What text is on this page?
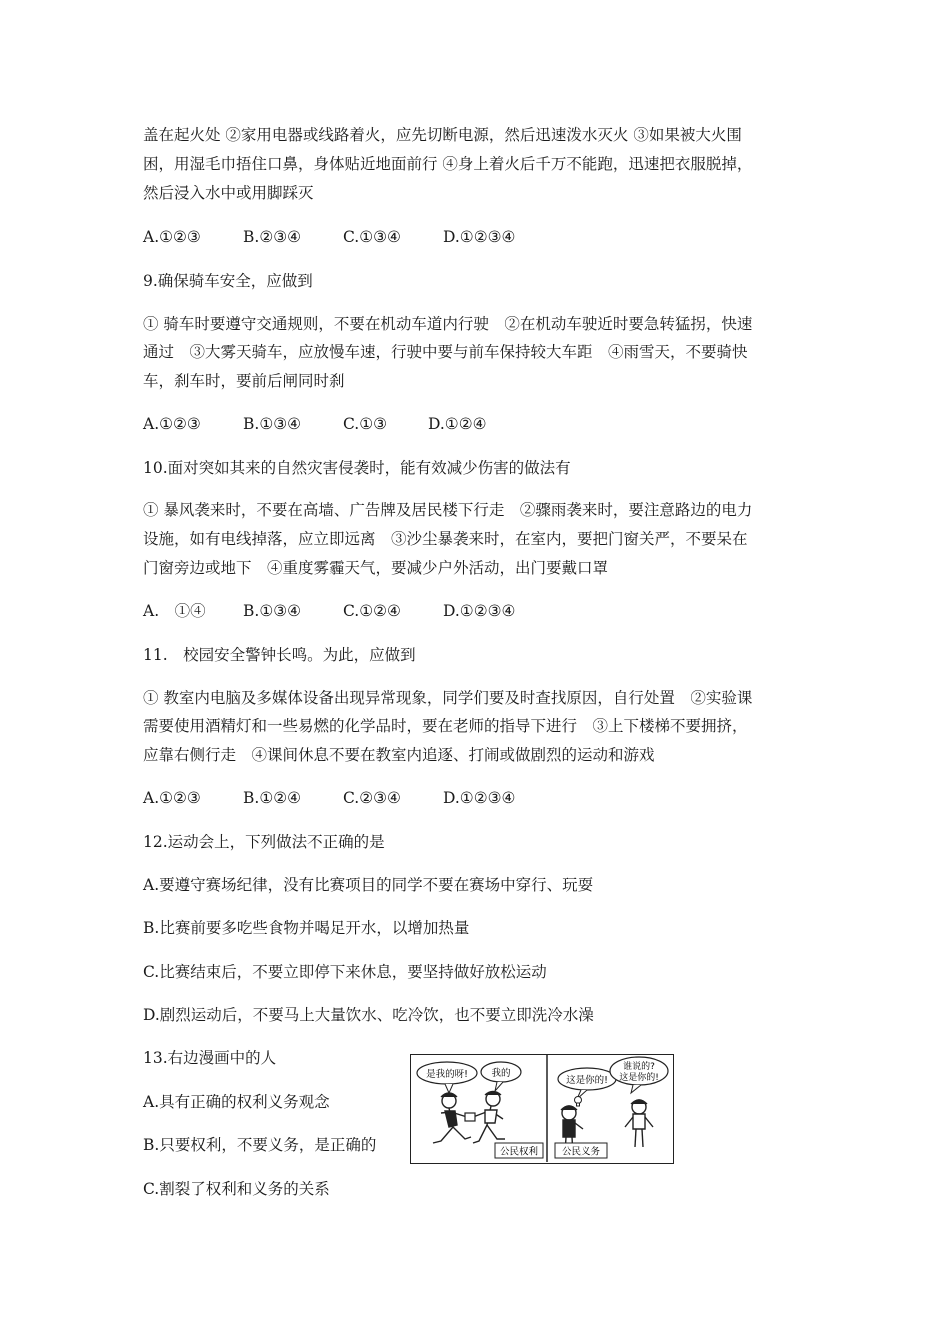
盖在起火处 ②家用电器或线路着火，应先切断电源，然后迅速泼水灭火 ③如果被大火围
困，用湿毛巾捂住口鼻，身体贴近地面前行 ④身上着火后千万不能跑，迅速把衣服脱掉，
然后浸入水中或用脚踩灭
A.①②③	B.②③④	C.①③④	D.①②③④
9.确保骑车安全，应做到
① 骑车时要遵守交通规则，不要在机动车道内行驶　②在机动车驶近时要急转猛拐，快速
通过　③大雾天骑车，应放慢车速，行驶中要与前车保持较大车距　④雨雪天，不要骑快
车，刹车时，要前后闸同时刹
A.①②③	B.①③④	C.①③	D.①②④
10.面对突如其来的自然灾害侵袭时，能有效减少伤害的做法有
① 暴风袭来时，不要在高墙、广告牌及居民楼下行走　②骤雨袭来时，要注意路边的电力
设施，如有电线掉落，应立即远离　③沙尘暴袭来时，在室内，要把门窗关严，不要呆在
门窗旁边或地下　④重度雾霾天气，要减少户外活动，出门要戴口罩
A.　①④ B.①③④	C.①②④	D.①②③④
11.　校园安全警钟长鸣。为此，应做到
① 教室内电脑及多媒体设备出现异常现象，同学们要及时查找原因，自行处置　②实验课
需要使用酒精灯和一些易燃的化学品时，要在老师的指导下进行　③上下楼梯不要拥挤，
应靠右侧行走　④课间休息不要在教室内追逐、打闹或做剧烈的运动和游戏
A.①②③	B.①②④	C.②③④	D.①②③④
12.运动会上，下列做法不正确的是
A.要遵守赛场纪律，没有比赛项目的同学不要在赛场中穿行、玩耍
B.比赛前要多吃些食物并喝足开水，以增加热量
C.比赛结束后，不要立即停下来休息，要坚持做好放松运动
D.剧烈运动后，不要马上大量饮水、吃冷饮，也不要立即洗冷水澡
13.右边漫画中的人
A.具有正确的权利义务观念
B.只要权利，不要义务，是正确的
C.割裂了权利和义务的关系
是我的呀! 我的
公民权利
这是你的!
谁说的?
这是你的!
公民义务
